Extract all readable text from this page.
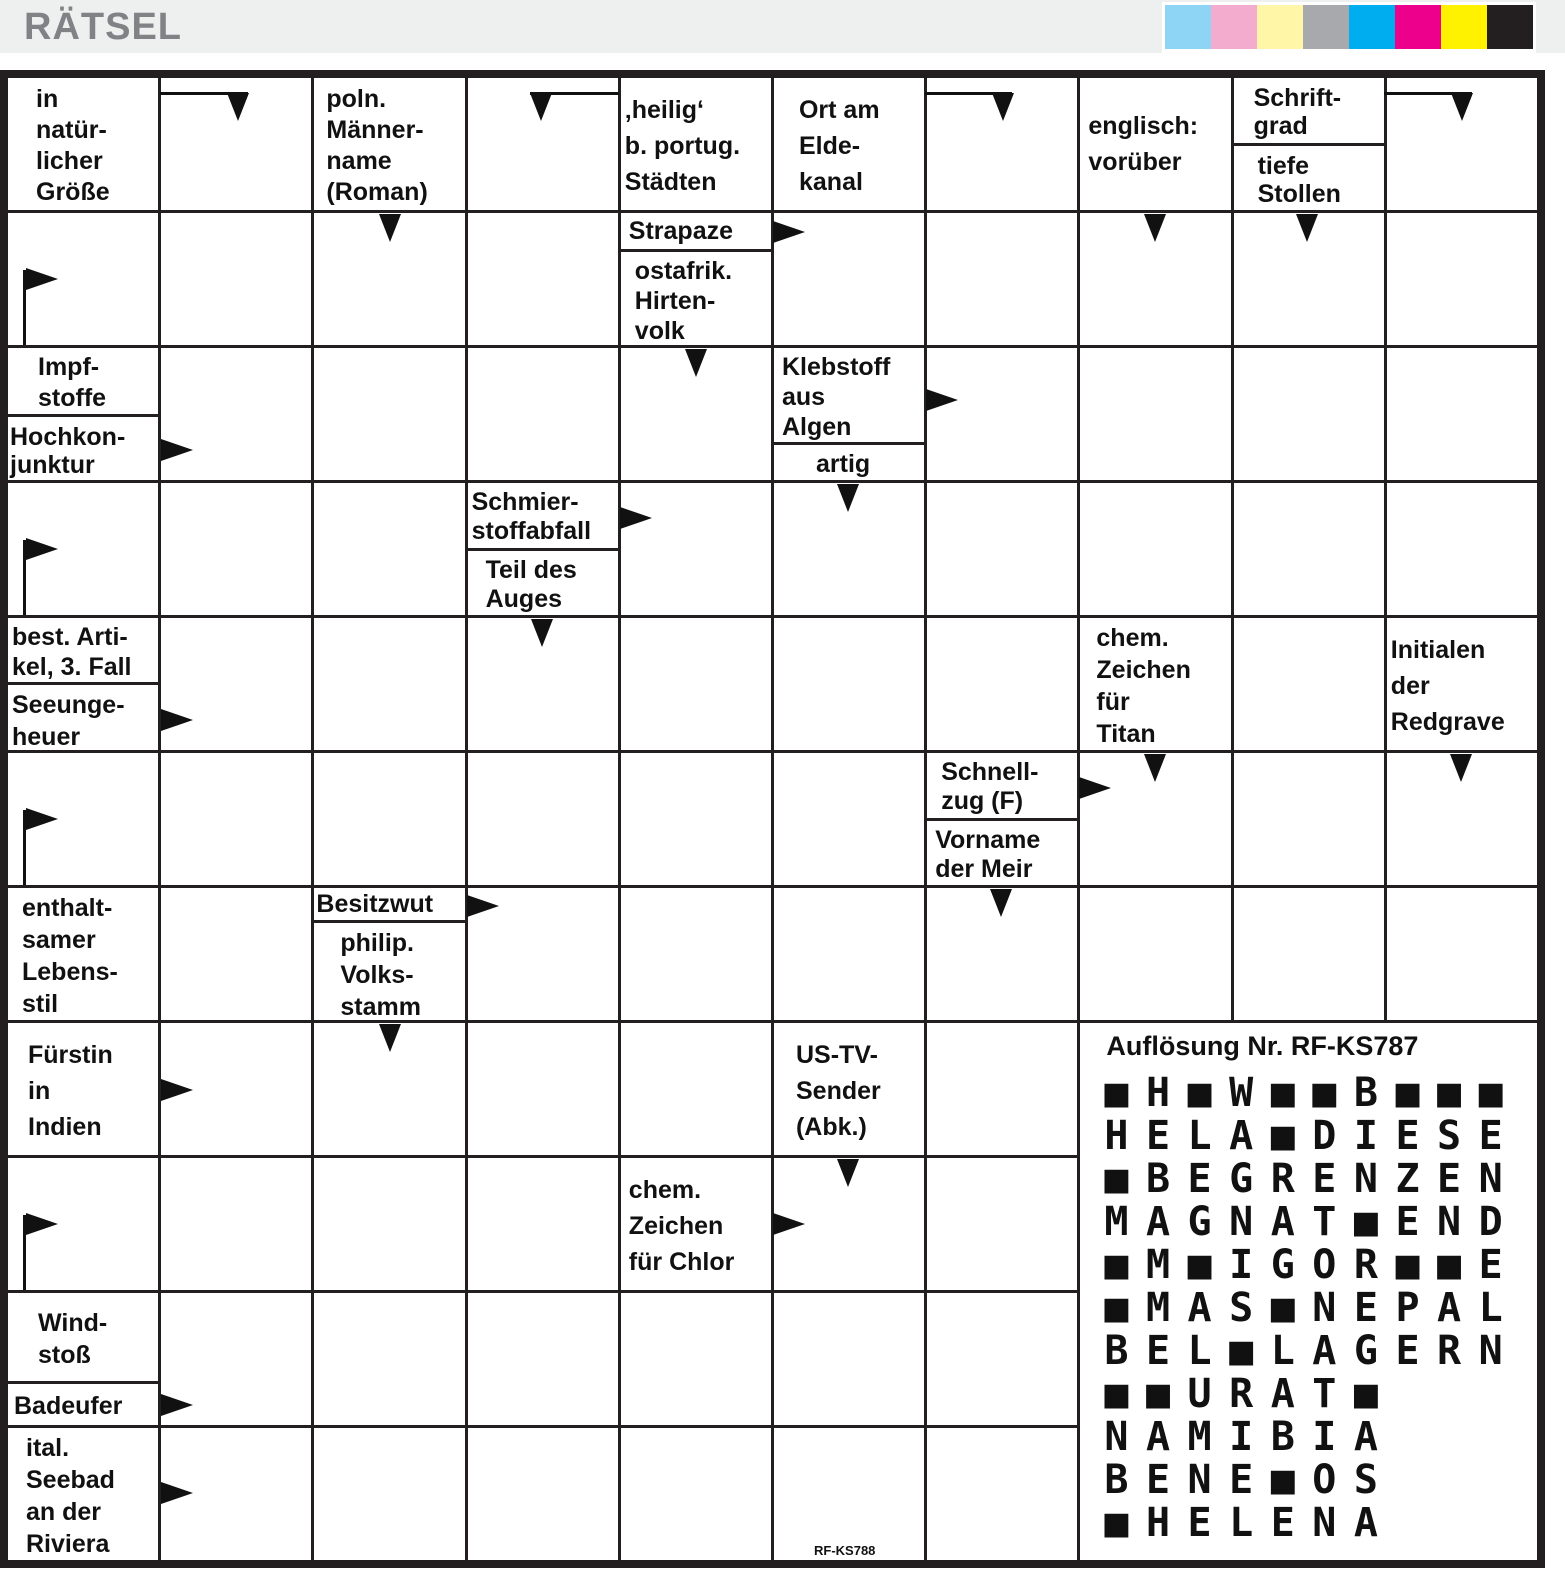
RÄTSEL
in
natür-
licher
Größe
poln.
Männer-
name
(Roman)
‚heilig‘
b. portug.
Städten
Ort am
Elde-
kanal
englisch:
vorüber
Schrift-
grad
tiefe
Stollen
Strapaze
ostafrik.
Hirten-
volk
Impf-
stoffe
Hochkon-
junktur
Klebstoff
aus
Algen
artig
Schmier-
stoffabfall
Teil des
Auges
best. Arti-
kel, 3. Fall
Seeunge-
heuer
chem.
Zeichen
für
Titan
Initialen
der
Redgrave
Schnell-
zug (F)
Vorname
der Meir
enthalt-
samer
Lebens-
stil
Besitzwut
philip.
Volks-
stamm
Fürstin
in
Indien
US-TV-
Sender
(Abk.)
chem.
Zeichen
für Chlor
Wind-
stoß
Badeufer
ital.
Seebad
an der
Riviera
Auflösung Nr. RF-KS787
■H■W■■B■■■
HELA■DIESE
■BEGRENZEN
MAGNAT■END
■M■IGOR■■E
■MAS■NEPAL
BEL■LAGERN
■■URAT■
NAMIBIA
BENE■OS
■HELENA
RF-KS788
